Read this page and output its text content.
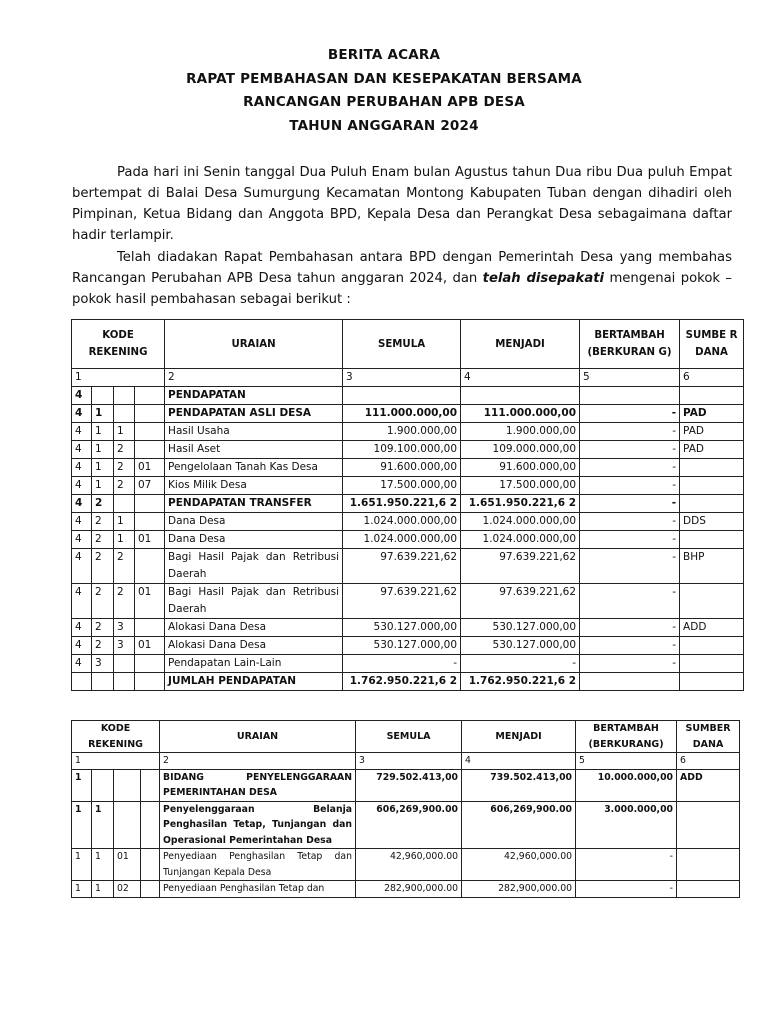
BERITA ACARA
RAPAT PEMBAHASAN DAN KESEPAKATAN BERSAMA
RANCANGAN PERUBAHAN APB DESA
TAHUN ANGGARAN 2024

Pada hari ini Senin tanggal Dua Puluh Enam bulan Agustus tahun Dua ribu Dua puluh Empat bertempat di Balai Desa Sumurgung Kecamatan Montong Kabupaten Tuban dengan dihadiri oleh Pimpinan, Ketua Bidang dan Anggota BPD, Kepala Desa dan Perangkat Desa sebagaimana daftar hadir terlampir.

Telah diadakan Rapat Pembahasan antara BPD dengan Pemerintah Desa yang membahas Rancangan Perubahan APB Desa tahun anggaran 2024, dan telah disepakati mengenai pokok – pokok hasil pembahasan sebagai berikut :

KODE REKENING				URAIAN	SEMULA	MENJADI	BERTAMBAH (BERKURAN G)	SUMBE R DANA
1				2	3	4	5	6
4				PENDAPATAN				
4	1			PENDAPATAN ASLI DESA	111.000.000,00	111.000.000,00	-	PAD
4	1	1		Hasil Usaha	1.900.000,00	1.900.000,00	-	PAD
4	1	2		Hasil Aset	109.100.000,00	109.000.000,00	-	PAD
4	1	2	01	Pengelolaan Tanah Kas Desa	91.600.000,00	91.600.000,00	-	
4	1	2	07	Kios Milik Desa	17.500.000,00	17.500.000,00	-	
4	2			PENDAPATAN TRANSFER	1.651.950.221,6 2	1.651.950.221,6 2	-	
4	2	1		Dana Desa	1.024.000.000,00	1.024.000.000,00	-	DDS
4	2	1	01	Dana Desa	1.024.000.000,00	1.024.000.000,00	-	
4	2	2		Bagi Hasil Pajak dan Retribusi Daerah	97.639.221,62	97.639.221,62	-	BHP
4	2	2	01	Bagi Hasil Pajak dan Retribusi Daerah	97.639.221,62	97.639.221,62	-	
4	2	3		Alokasi Dana Desa	530.127.000,00	530.127.000,00	-	ADD
4	2	3	01	Alokasi Dana Desa	530.127.000,00	530.127.000,00	-	
4	3			Pendapatan Lain-Lain	-	-	-	
				JUMLAH PENDAPATAN	1.762.950.221,6 2	1.762.950.221,6 2		
KODE REKENING				URAIAN	SEMULA	MENJADI	BERTAMBAH (BERKURANG)	SUMBER DANA
1				2	3	4	5	6
1				BIDANG PENYELENGGARAAN PEMERINTAHAN DESA	729.502.413,00	739.502.413,00	10.000.000,00	ADD
1	1			Penyelenggaraan Belanja Penghasilan Tetap, Tunjangan dan Operasional Pemerintahan Desa	606,269,900.00	606,269,900.00	3.000.000,00	
1	1	01		Penyediaan Penghasilan Tetap dan Tunjangan Kepala Desa	42,960,000.00	42,960,000.00	-	
1	1	02		Penyediaan Penghasilan Tetap dan	282,900,000.00	282,900,000.00	-	
